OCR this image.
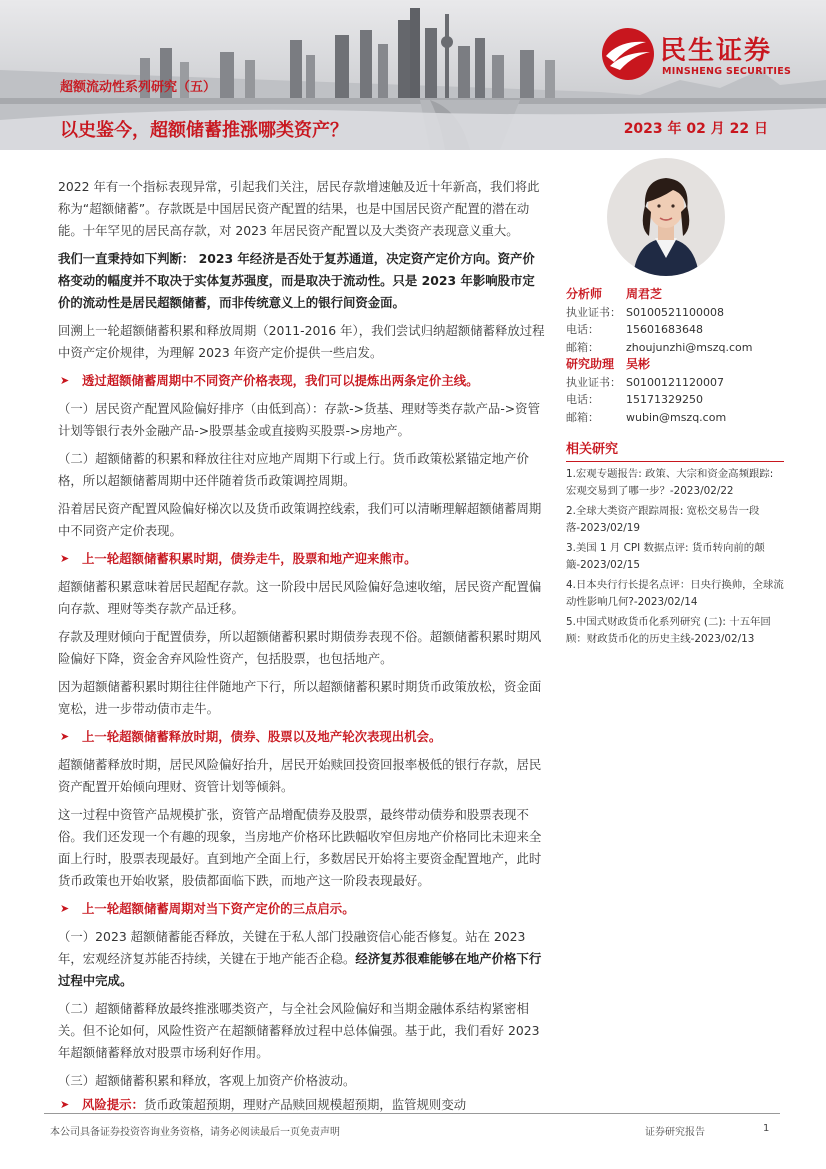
超额流动性系列研究（五）
以史鉴今，超额储蓄推涨哪类资产？	2023 年 02 月 22 日
民生证券
MINSHENG SECURITIES

2022 年有一个指标表现异常，引起我们关注，居民存款增速触及近十年新高，我们将此称为“超额储蓄”。存款既是中国居民资产配置的结果，也是中国居民资产配置的潜在动能。十年罕见的居民高存款，对 2023 年居民资产配置以及大类资产表现意义重大。

我们一直秉持如下判断： 2023 年经济是否处于复苏通道，决定资产定价方向。资产价格变动的幅度并不取决于实体复苏强度，而是取决于流动性。只是 2023 年影响股市定价的流动性是居民超额储蓄，而非传统意义上的银行间资金面。

回溯上一轮超额储蓄积累和释放周期（2011-2016 年），我们尝试归纳超额储蓄释放过程中资产定价规律，为理解 2023 年资产定价提供一些启发。

➤	透过超额储蓄周期中不同资产价格表现，我们可以提炼出两条定价主线。

（一）居民资产配置风险偏好排序（由低到高）：存款->货基、理财等类存款产品->资管计划等银行表外金融产品->股票基金或直接购买股票->房地产。

（二）超额储蓄的积累和释放往往对应地产周期下行或上行。货币政策松紧锚定地产价格，所以超额储蓄周期中还伴随着货币政策调控周期。

沿着居民资产配置风险偏好梯次以及货币政策调控线索，我们可以清晰理解超额储蓄周期中不同资产定价表现。

➤	上一轮超额储蓄积累时期，债券走牛，股票和地产迎来熊市。

超额储蓄积累意味着居民超配存款。这一阶段中居民风险偏好急速收缩，居民资产配置偏向存款、理财等类存款产品迁移。

存款及理财倾向于配置债券，所以超额储蓄积累时期债券表现不俗。超额储蓄积累时期风险偏好下降，资金舍弃风险性资产，包括股票，也包括地产。

因为超额储蓄积累时期往往伴随地产下行，所以超额储蓄积累时期货币政策放松，资金面宽松，进一步带动债市走牛。

➤	上一轮超额储蓄释放时期，债券、股票以及地产轮次表现出机会。

超额储蓄释放时期，居民风险偏好抬升，居民开始赎回投资回报率极低的银行存款，居民资产配置开始倾向理财、资管计划等倾斜。

这一过程中资管产品规模扩张，资管产品增配债券及股票，最终带动债券和股票表现不俗。我们还发现一个有趣的现象，当房地产价格环比跌幅收窄但房地产价格同比未迎来全面上行时，股票表现最好。直到地产全面上行，多数居民开始将主要资金配置地产，此时货币政策也开始收紧，股债都面临下跌，而地产这一阶段表现最好。

➤	上一轮超额储蓄周期对当下资产定价的三点启示。

（一）2023 超额储蓄能否释放，关键在于私人部门投融资信心能否修复。站在 2023 年，宏观经济复苏能否持续，关键在于地产能否企稳。经济复苏很难能够在地产价格下行过程中完成。

（二）超额储蓄释放最终推涨哪类资产，与全社会风险偏好和当期金融体系结构紧密相关。但不论如何，风险性资产在超额储蓄释放过程中总体偏强。基于此，我们看好 2023 年超额储蓄释放对股票市场利好作用。

（三）超额储蓄积累和释放，客观上加资产价格波动。

➤	风险提示：货币政策超预期，理财产品赎回规模超预期，监管规则变动
分析师	周君芝
执业证书： S0100521100008
电话：	15601683648
邮箱：	zhoujunzhi@mszq.com
研究助理 吴彬
执业证书： S0100121120007
电话：	15171329250
邮箱：	wubin@mszq.com
相关研究
1.宏观专题报告: 政策、大宗和资金高频跟踪: 宏观交易到了哪一步？-2023/02/22
2.全球大类资产跟踪周报: 宽松交易告一段落-2023/02/19
3.美国 1 月 CPI 数据点评: 货币转向前的颠簸-2023/02/15
4.日本央行行长提名点评：日央行换帅，全球流动性影响几何?-2023/02/14
5.中国式财政货币化系列研究 (二): 十五年回顾：财政货币化的历史主线-2023/02/13
本公司具备证券投资咨询业务资格，请务必阅读最后一页免责声明	证券研究报告	1
